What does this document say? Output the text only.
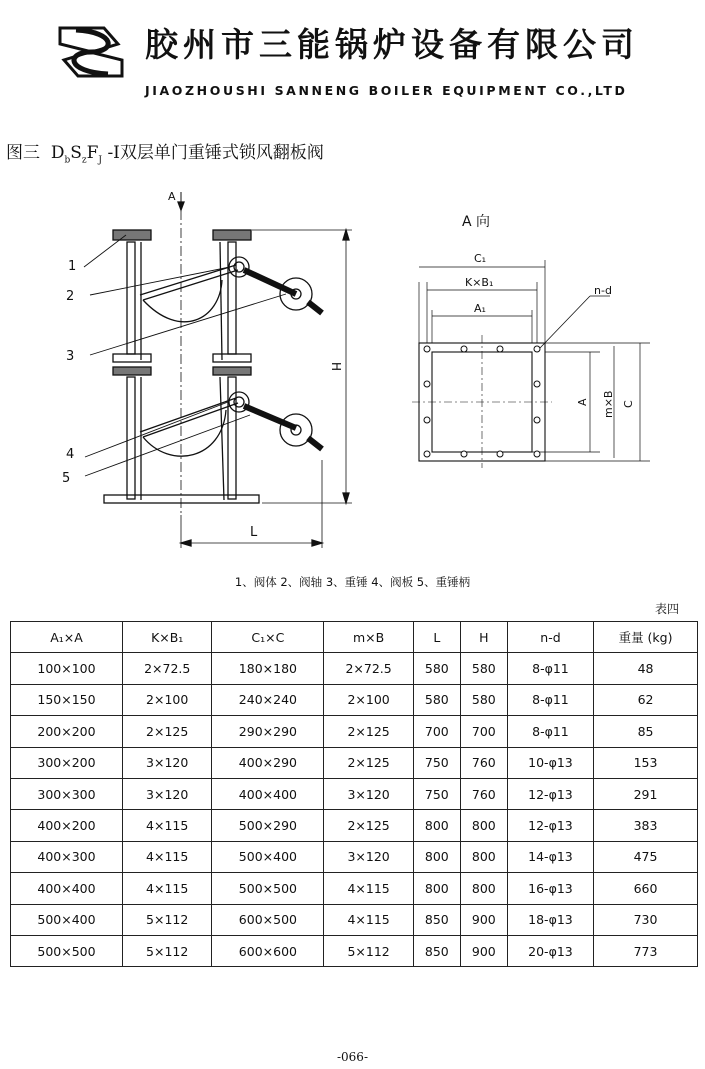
胶州市三能锅炉设备有限公司
JIAOZHOUSHI SANNENG BOILER EQUIPMENT CO.,LTD
图三 $D_bS_zF_J$ -Ⅰ双层单门重锤式锁风翻板阀
1
2
3
4
5
A
H
L
A 向
C₁
K×B₁
A₁
n-d
A m×B C
1、阀体 2、阀轴 3、重锤 4、阀板 5、重锤柄
表四
A₁×A	K×B₁	C₁×C	m×B	L	H	n-d	重量 (kg)
100×100	2×72.5	180×180	2×72.5	580	580	8-φ11	48
150×150	2×100	240×240	2×100	580	580	8-φ11	62
200×200	2×125	290×290	2×125	700	700	8-φ11	85
300×200	3×120	400×290	2×125	750	760	10-φ13	153
300×300	3×120	400×400	3×120	750	760	12-φ13	291
400×200	4×115	500×290	2×125	800	800	12-φ13	383
400×300	4×115	500×400	3×120	800	800	14-φ13	475
400×400	4×115	500×500	4×115	800	800	16-φ13	660
500×400	5×112	600×500	4×115	850	900	18-φ13	730
500×500	5×112	600×600	5×112	850	900	20-φ13	773
-066-
